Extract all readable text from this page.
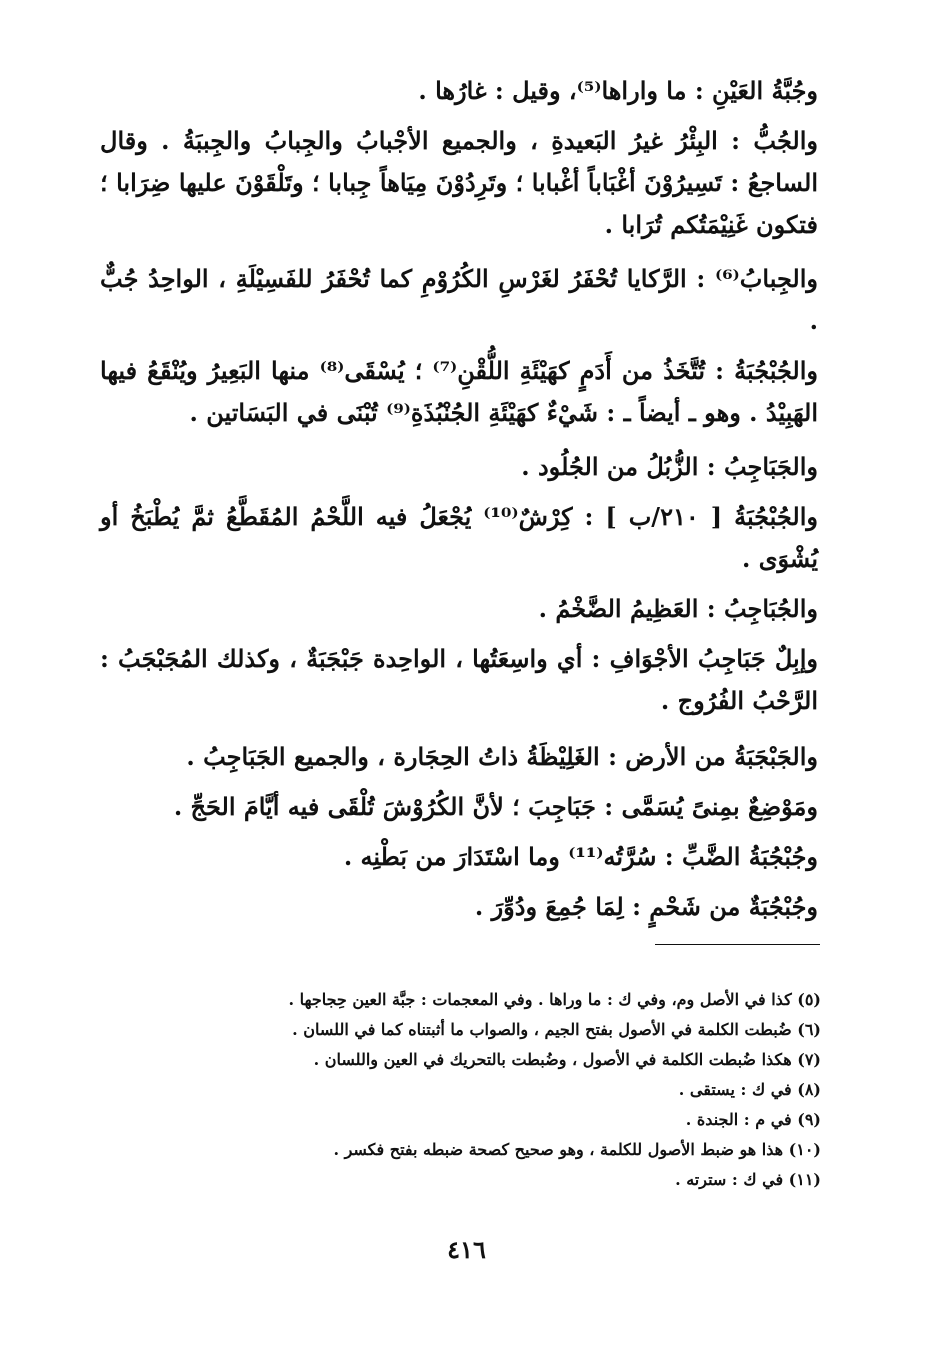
وجُبَّةُ العَيْنِ : ما واراها⁽⁵⁾، وقيل : غارُها .

والجُبُّ : البِئْرُ غيرُ البَعيدةِ ، والجميع الأجْبابُ والجِبابُ والجِببَةُ . وقال الساجعُ : تَسِيرُوْنَ أغْبَاباً أغْبابا ؛ وتَرِدُوْنَ مِيَاهاً جِبابا ؛ وتَلْقَوْنَ عليها ضِرَابا ؛ فتكون غَنِيْمَتُكم تُرَابا .

والجِبابُ⁽⁶⁾ : الرَّكايا تُحْفَرُ لغَرْسِ الكُرُوْمِ كما تُحْفَرُ للفَسِيْلَةِ ، الواحِدُ جُبٌّ .

والجُبْجُبَةُ : تُتَّخَذُ من أَدَمٍ كهَيْئَةِ اللُّقْنِ⁽⁷⁾ ؛ يُسْقَى⁽⁸⁾ منها البَعِيرُ ويُنْقَعُ فيها الهَبِيْدُ . وهو ـ أيضاً ـ : شَيْءٌ كهَيْئَةِ الجُنْبُذَةِ⁽⁹⁾ تُبْنَى في البَسَاتين .

والجَبَاجِبُ : الزُّبُلُ من الجُلُود .

والجُبْجُبَةُ [ ٢١٠/ب ] : كِرْشٌ⁽¹⁰⁾ يُجْعَلُ فيه اللَّحْمُ المُقَطَّعُ ثمَّ يُطْبَخُ أو يُشْوَى .

والجُبَاجِبُ : العَظِيمُ الضَّخْمُ .

وإبِلٌ جَبَاجِبُ الأجْوَافِ : أي واسِعَتُها ، الواحِدة جَبْجَبَةٌ ، وكذلك المُجَبْجَبُ : الرَّحْبُ الفُرُوج .

والجَبْجَبَةُ من الأرض : الغَلِيْظَةُ ذاتُ الحِجَارة ، والجميع الجَبَاجِبُ .

ومَوْضِعٌ بمِنىً يُسَمَّى : جَبَاجِبَ ؛ لأنَّ الكُرُوْشَ تُلْقَى فيه أيَّامَ الحَجِّ .

وجُبْجُبَةُ الضَّبِّ : سُرَّتُه⁽¹¹⁾ وما اسْتَدَارَ من بَطْنِه .

وجُبْجُبَةٌ من شَحْمٍ : لِمَا جُمِعَ ودُوِّرَ .

(٥) كذا في الأصل وم، وفي ك : ما وراها . وفي المعجمات : جبَّة العين حِجاجها .
(٦) ضُبطت الكلمة في الأصول بفتح الجيم ، والصواب ما أثبتناه كما في اللسان .
(٧) هكذا ضُبطت الكلمة في الأصول ، وضُبطت بالتحريك في العين واللسان .
(٨) في ك : يستقى .
(٩) في م : الجندة .
(١٠) هذا هو ضبط الأصول للكلمة ، وهو صحيح كصحة ضبطه بفتح فكسر .
(١١) في ك : سترته .
٤١٦
